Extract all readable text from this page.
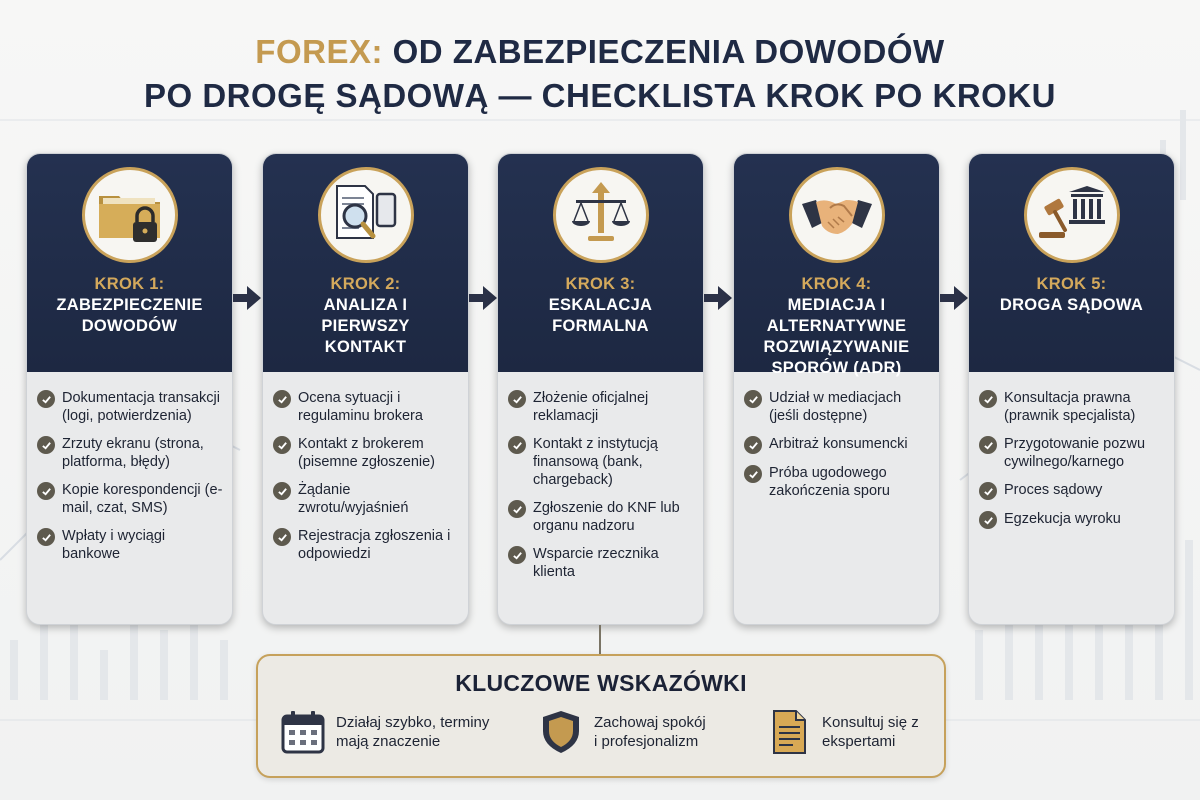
FOREX: OD ZABEZPIECZENIA DOWODÓW
PO DROGĘ SĄDOWĄ — CHECKLISTA KROK PO KROKU
KROK 1:
ZABEZPIECZENIE DOWODÓW
Dokumentacja transakcji (logi, potwierdzenia)
Zrzuty ekranu (strona, platforma, błędy)
Kopie korespondencji (e-mail, czat, SMS)
Wpłaty i wyciągi bankowe
KROK 2:
ANALIZA I PIERWSZY KONTAKT
Ocena sytuacji i regulaminu brokera
Kontakt z brokerem (pisemne zgłoszenie)
Żądanie zwrotu/wyjaśnień
Rejestracja zgłoszenia i odpowiedzi
KROK 3:
ESKALACJA FORMALNA
Złożenie oficjalnej reklamacji
Kontakt z instytucją finansową (bank, chargeback)
Zgłoszenie do KNF lub organu nadzoru
Wsparcie rzecznika klienta
KROK 4:
MEDIACJA I ALTERNATYWNE ROZWIĄZYWANIE SPORÓW (ADR)
Udział w mediacjach (jeśli dostępne)
Arbitraż konsumencki
Próba ugodowego zakończenia sporu
KROK 5:
DROGA SĄDOWA
Konsultacja prawna (prawnik specjalista)
Przygotowanie pozwu cywilnego/karnego
Proces sądowy
Egzekucja wyroku
KLUCZOWE WSKAZÓWKI
Działaj szybko, terminy mają znaczenie
Zachowaj spokój i profesjonalizm
Konsultuj się z ekspertami
